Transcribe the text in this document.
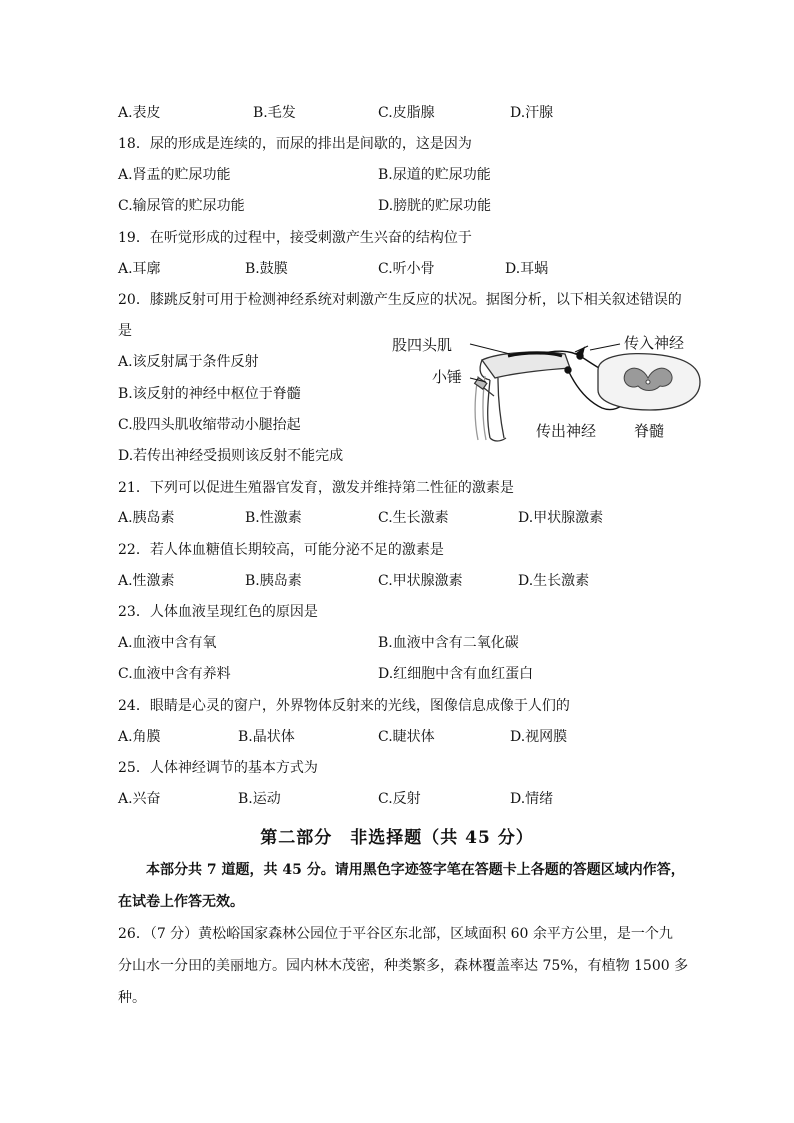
A.表皮	B.毛发	C.皮脂腺	D.汗腺
18．尿的形成是连续的，而尿的排出是间歇的，这是因为
A.肾盂的贮尿功能	B.尿道的贮尿功能
C.输尿管的贮尿功能	D.膀胱的贮尿功能
19．在听觉形成的过程中，接受刺激产生兴奋的结构位于
A.耳廓	B.鼓膜	C.听小骨	D.耳蜗
20．膝跳反射可用于检测神经系统对刺激产生反应的状况。据图分析，以下相关叙述错误的
是
A.该反射属于条件反射
B.该反射的神经中枢位于脊髓
C.股四头肌收缩带动小腿抬起
D.若传出神经受损则该反射不能完成
股四头肌	传入神经
小锤
传出神经	脊髓
21．下列可以促进生殖器官发育，激发并维持第二性征的激素是
A.胰岛素	B.性激素	C.生长激素	D.甲状腺激素
22．若人体血糖值长期较高，可能分泌不足的激素是
A.性激素	B.胰岛素	C.甲状腺激素	D.生长激素
23．人体血液呈现红色的原因是
A.血液中含有氧	B.血液中含有二氧化碳
C.血液中含有养料	D.红细胞中含有血红蛋白
24．眼睛是心灵的窗户，外界物体反射来的光线，图像信息成像于人们的
A.角膜	B.晶状体	C.睫状体	D.视网膜
25．人体神经调节的基本方式为
A.兴奋	B.运动	C.反射	D.情绪
第二部分　非选择题（共 45 分）
本部分共 7 道题，共 45 分。请用黑色字迹签字笔在答题卡上各题的答题区域内作答，
在试卷上作答无效。
26．（7 分）黄松峪国家森林公园位于平谷区东北部，区域面积 60 余平方公里，是一个九
分山水一分田的美丽地方。园内林木茂密，种类繁多，森林覆盖率达 75%，有植物 1500 多
种。
